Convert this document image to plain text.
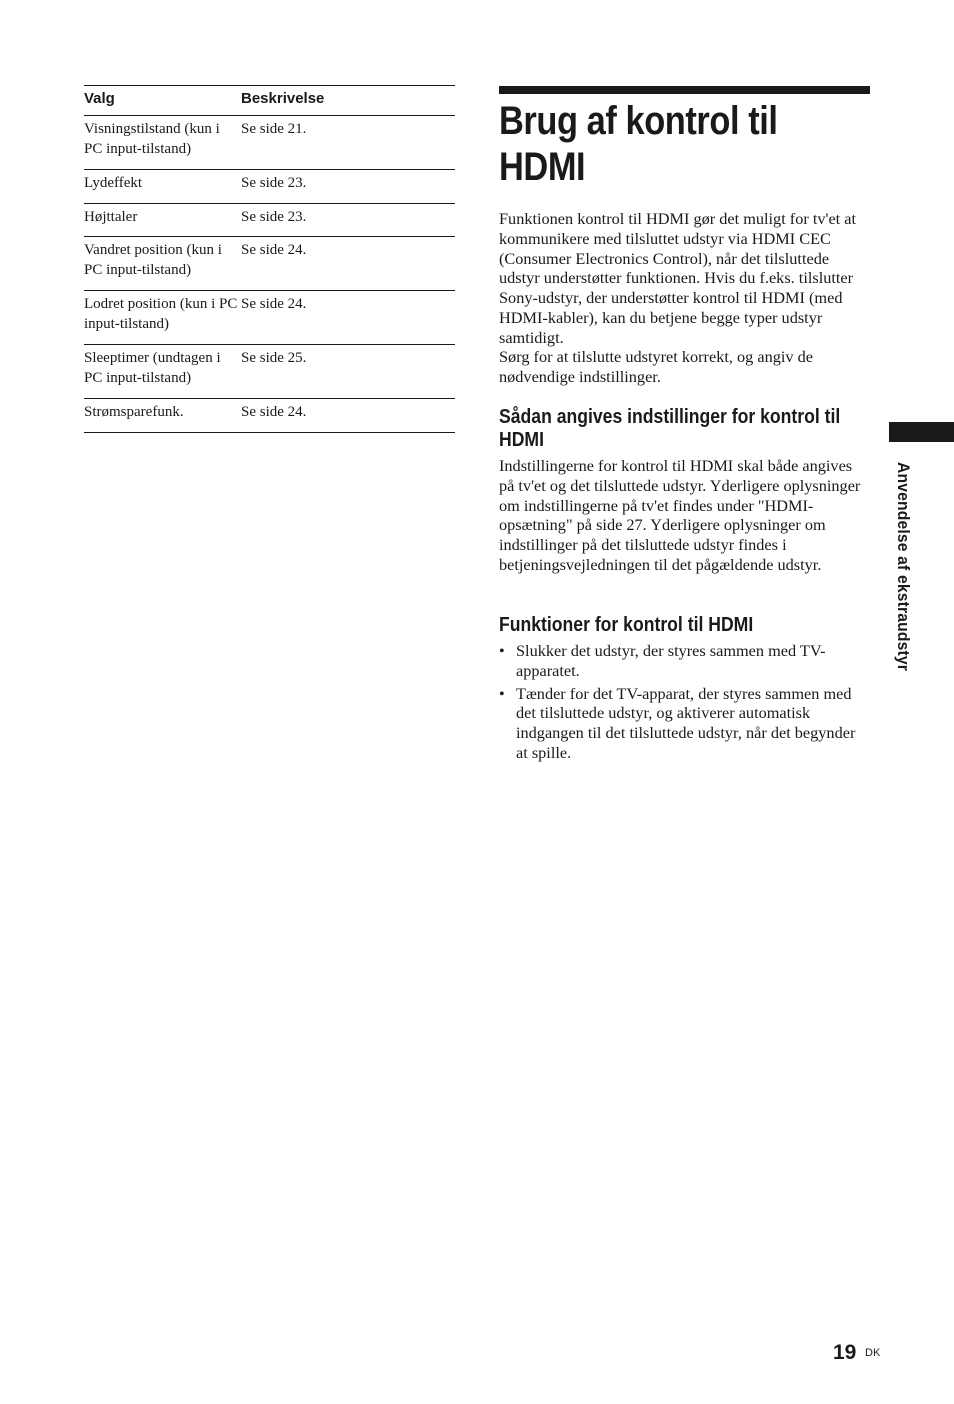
Valg	Beskrivelse
Visningstilstand (kun i PC input-tilstand)	Se side 21.
Lydeffekt	Se side 23.
Højttaler	Se side 23.
Vandret position (kun i PC input-tilstand)	Se side 24.
Lodret position (kun i PC input-tilstand)	Se side 24.
Sleeptimer (undtagen i PC input-tilstand)	Se side 25.
Strømsparefunk.	Se side 24.
Brug af kontrol til HDMI

Funktionen kontrol til HDMI gør det muligt for tv'et at kommunikere med tilsluttet udstyr via HDMI CEC (Consumer Electronics Control), når det tilsluttede udstyr understøtter funktionen. Hvis du f.eks. tilslutter Sony-udstyr, der understøtter kontrol til HDMI (med HDMI-kabler), kan du betjene begge typer udstyr samtidigt.

Sørg for at tilslutte udstyret korrekt, og angiv de nødvendige indstillinger.

Sådan angives indstillinger for kontrol til HDMI

Indstillingerne for kontrol til HDMI skal både angives på tv'et og det tilsluttede udstyr. Yderligere oplysninger om indstillingerne på tv'et findes under "HDMI-opsætning" på side 27. Yderligere oplysninger om indstillinger på det tilsluttede udstyr findes i betjeningsvejledningen til det pågældende udstyr.

Funktioner for kontrol til HDMI
• Slukker det udstyr, der styres sammen med TV-apparatet.
• Tænder for det TV-apparat, der styres sammen med det tilsluttede udstyr, og aktiverer automatisk indgangen til det tilsluttede udstyr, når det begynder at spille.
Anvendelse af ekstraudstyr
19 DK
